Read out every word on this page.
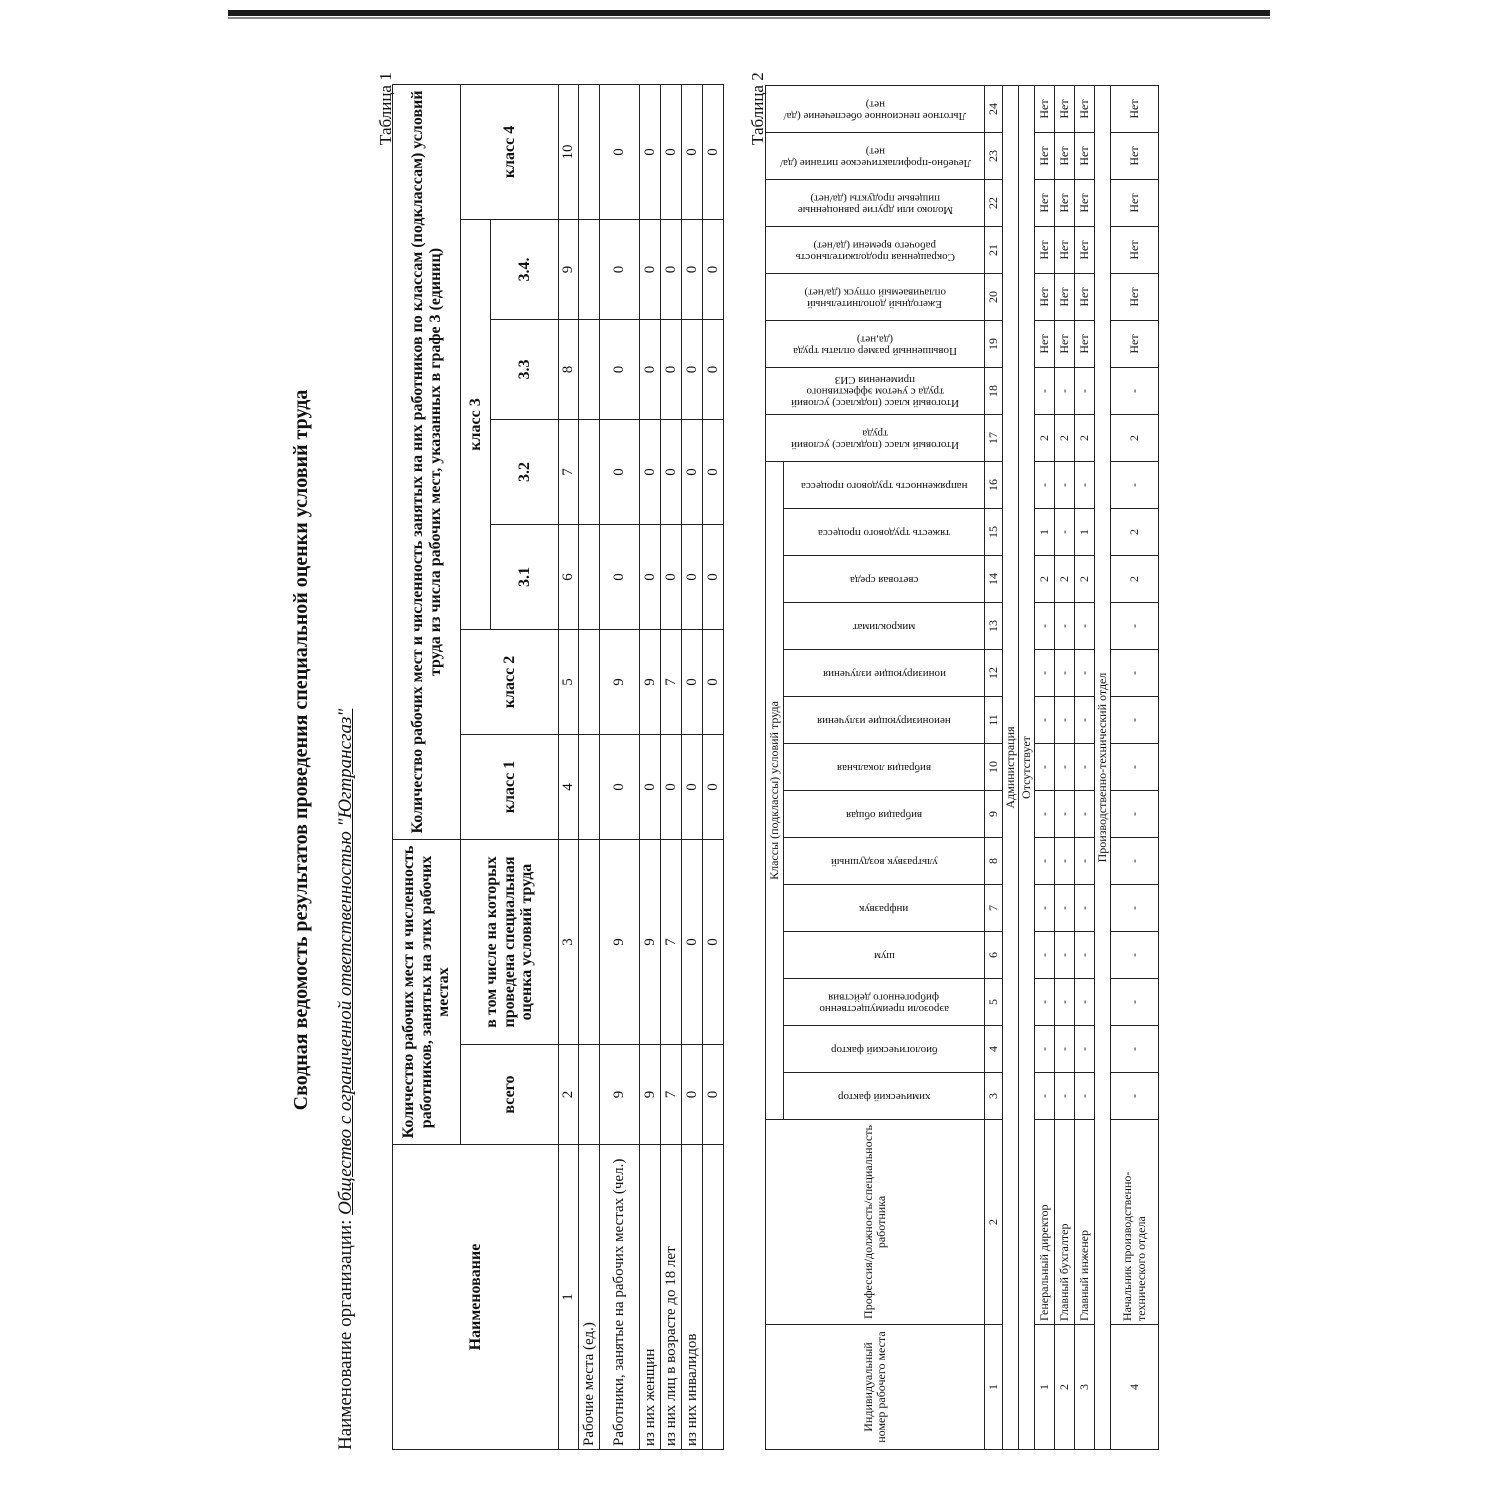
Сводная ведомость результатов проведения специальной оценки условий труда
Наименование организации: Общество с ограниченной ответственностью "Югтрансгаз"
Таблица 1
Наименование	Количество рабочих мест и численность работников, занятых на этих рабочих местах		Количество рабочих мест и численность занятых на них работников по классам (подклассам) условий труда из числа рабочих мест, указанных в графе 3 (единиц)						
	всего	в том числе на которых проведена специальная оценка условий труда	класс 1	класс 2	класс 3				класс 4
					3.1	3.2	3.3	3.4.	
1	2	3	4	5	6	7	8	9	10
Рабочие места (ед.)									
Работники, занятые на рабочих местах (чел.)	9	9	0	9	0	0	0	0	0
из них женщин	9	9	0	9	0	0	0	0	0
из них лиц в возрасте до 18 лет	7	7	0	7	0	0	0	0	0
из них инвалидов	0	0	0	0	0	0	0	0	0
	0	0	0	0	0	0	0	0	0
Таблица 2
Индивидуальный номер рабочего места	Профессия/должность/специальность работника	Классы (подклассы) условий труда														Итоговый класс (подкласс) условий труда	Итоговый класс (подкласс) условий труда с учетом эффективного применения СИЗ	Повышенный размер оплаты труда (да,нет)	Ежегодный дополнительный оплачиваемый отпуск (да/нет)	Сокращенная продолжительность рабочего времени (да/нет)	Молоко или другие равноценные пищевые продукты (да/нет)	Лечебно-профилактическое питание (да/нет)	Льготное пенсионное обеспечение (да/нет)

		химический фактор	биологический фактор	аэрозоли преимущественно фиброгенного действия	шум	инфразвук	ультразвук воздушный	вибрация общая	вибрация локальная	неионизирующие излучения	ионизирующие излучения	микроклимат	световая среда	тяжесть трудового процесса	напряженность трудового процесса								

1	2	3	4	5	6	7	8	9	10	11	12	13	14	15	16	17	18	19	20	21	22	23	24
Администрация																							
Отсутствует																							
1	Генеральный директор	-	-	-	-	-	-	-	-	-	-	-	2	1	-	2	-	Нет	Нет	Нет	Нет	Нет	Нет
2	Главный бухгалтер	-	-	-	-	-	-	-	-	-	-	-	2	-	-	2	-	Нет	Нет	Нет	Нет	Нет	Нет
3	Главный инженер	-	-	-	-	-	-	-	-	-	-	-	2	1	-	2	-	Нет	Нет	Нет	Нет	Нет	Нет
Производственно-технический отдел																							
4	Начальник производственно-технического отдела	-	-	-	-	-	-	-	-	-	-	-	2	2	-	2	-	Нет	Нет	Нет	Нет	Нет	Нет
